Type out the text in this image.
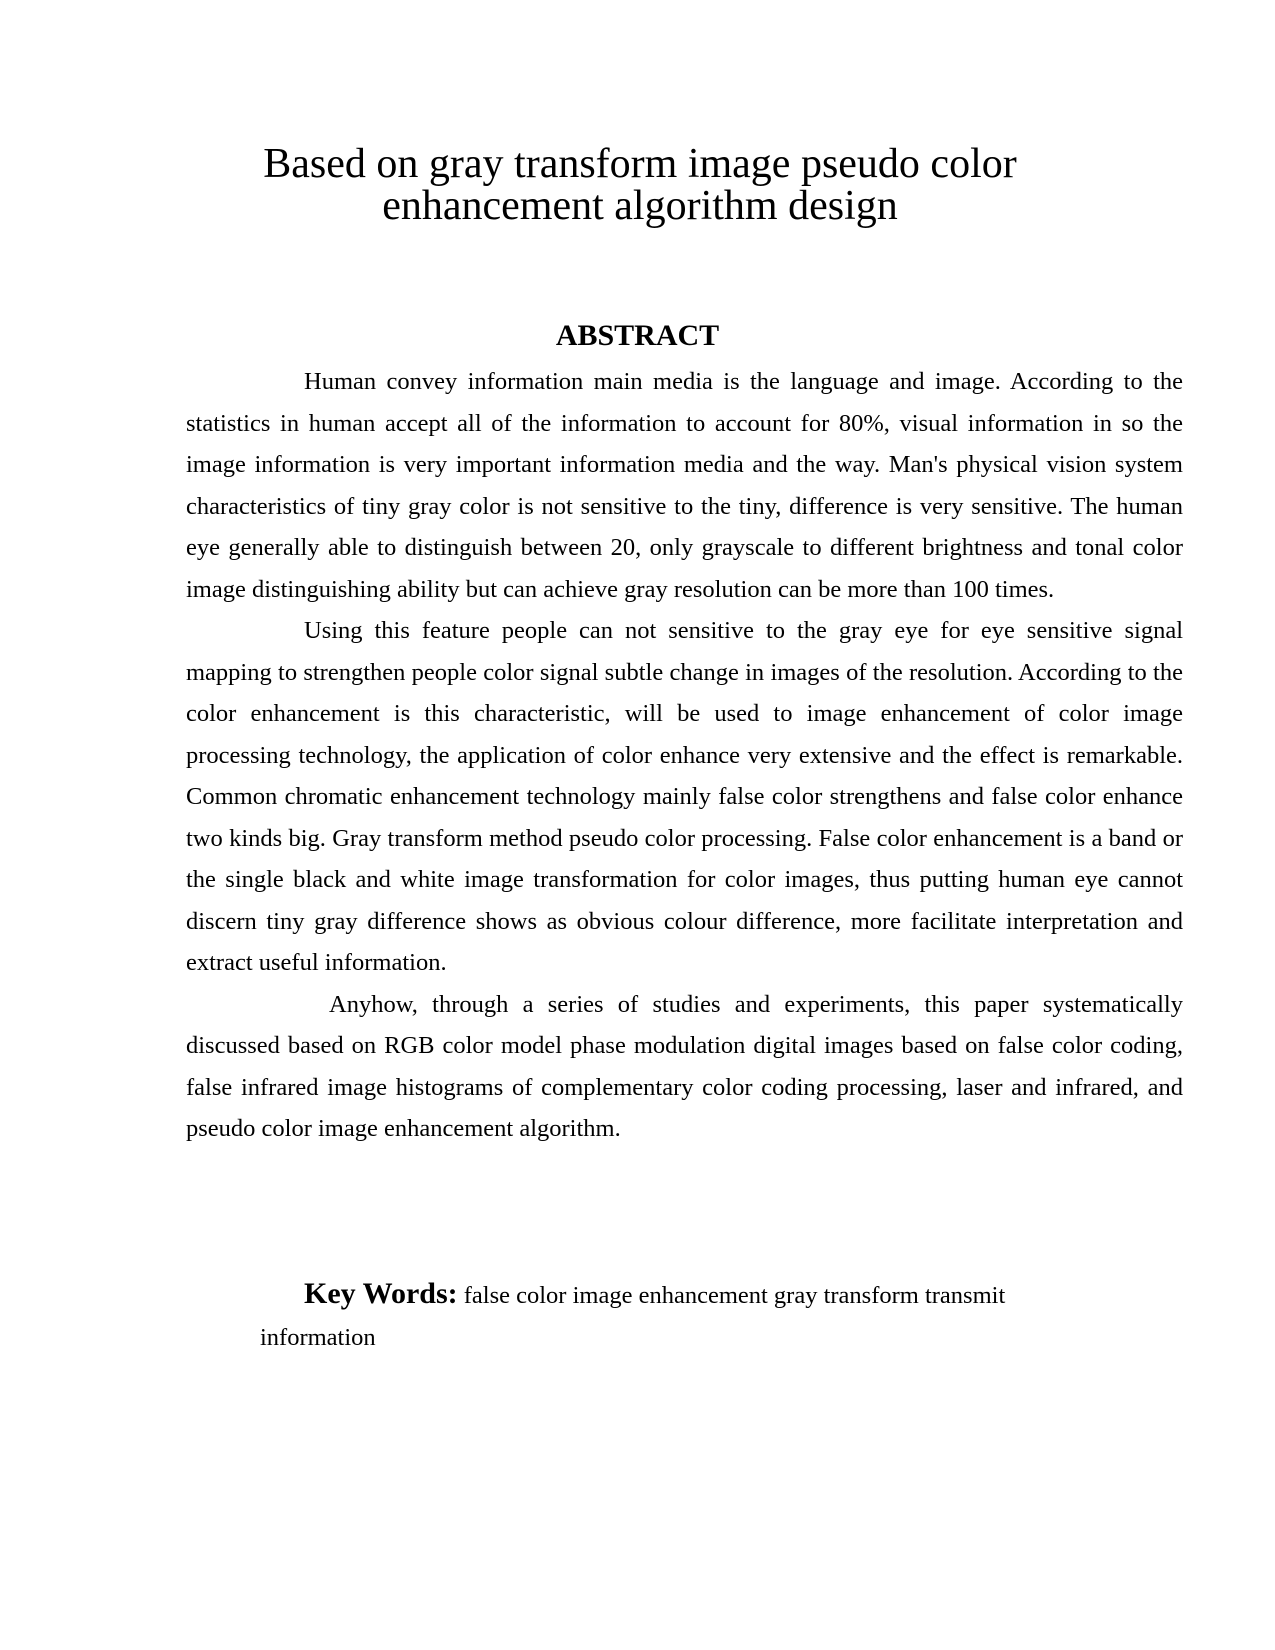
Based on gray transform image pseudo color
enhancement algorithm design
ABSTRACT

Human convey information main media is the language and image. According to the statistics in human accept all of the information to account for 80%, visual information in so the image information is very important information media and the way. Man's physical vision system characteristics of tiny gray color is not sensitive to the tiny, difference is very sensitive. The human eye generally able to distinguish between 20, only grayscale to different brightness and tonal color image distinguishing ability but can achieve gray resolution can be more than 100 times.

Using this feature people can not sensitive to the gray eye for eye sensitive signal mapping to strengthen people color signal subtle change in images of the resolution. According to the color enhancement is this characteristic, will be used to image enhancement of color image processing technology, the application of color enhance very extensive and the effect is remarkable. Common chromatic enhancement technology mainly false color strengthens and false color enhance two kinds big. Gray transform method pseudo color processing. False color enhancement is a band or the single black and white image transformation for color images, thus putting human eye cannot discern tiny gray difference shows as obvious colour difference, more facilitate interpretation and extract useful information.

Anyhow, through a series of studies and experiments, this paper systematically discussed based on RGB color model phase modulation digital images based on false color coding, false infrared image histograms of complementary color coding processing, laser and infrared, and pseudo color image enhancement algorithm.

Key Words: false color image enhancement gray transform transmit
information
